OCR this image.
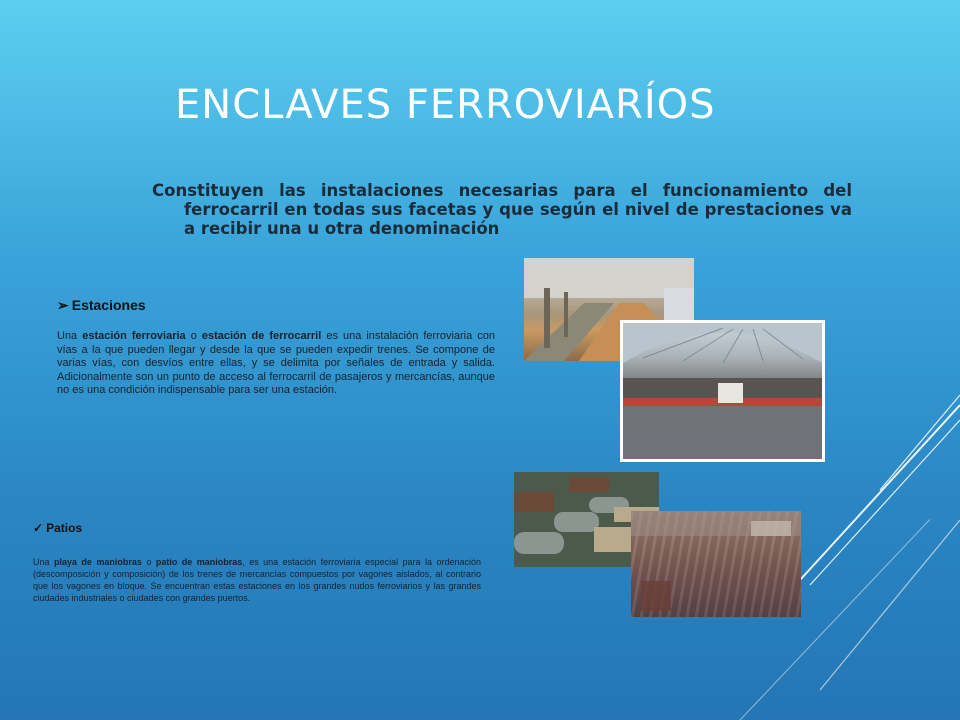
ENCLAVES FERROVIARÍOS
Constituyen las instalaciones necesarias para el funcionamiento del ferrocarril en todas sus facetas y que según el nivel de prestaciones va a recibir una u otra denominación
➢ Estaciones
Una estación ferroviaria o estación de ferrocarril es una instalación ferroviaria con vías a la que pueden llegar y desde la que se pueden expedir trenes. Se compone de varias vías, con desvíos entre ellas, y se delimita por señales de entrada y salida. Adicionalmente son un punto de acceso al ferrocarril de pasajeros y mercancías, aunque no es una condición indispensable para ser una estación.
✓ Patios
Una playa de maniobras o patio de maniobras, es una estación ferroviaria especial para la ordenación (descomposición y composición) de los trenes de mercancías compuestos por vagones aislados, al contrario que los vagones en bloque. Se encuentran estas estaciones en los grandes nudos ferroviarios y las grandes ciudades industriales o ciudades con grandes puertos.
